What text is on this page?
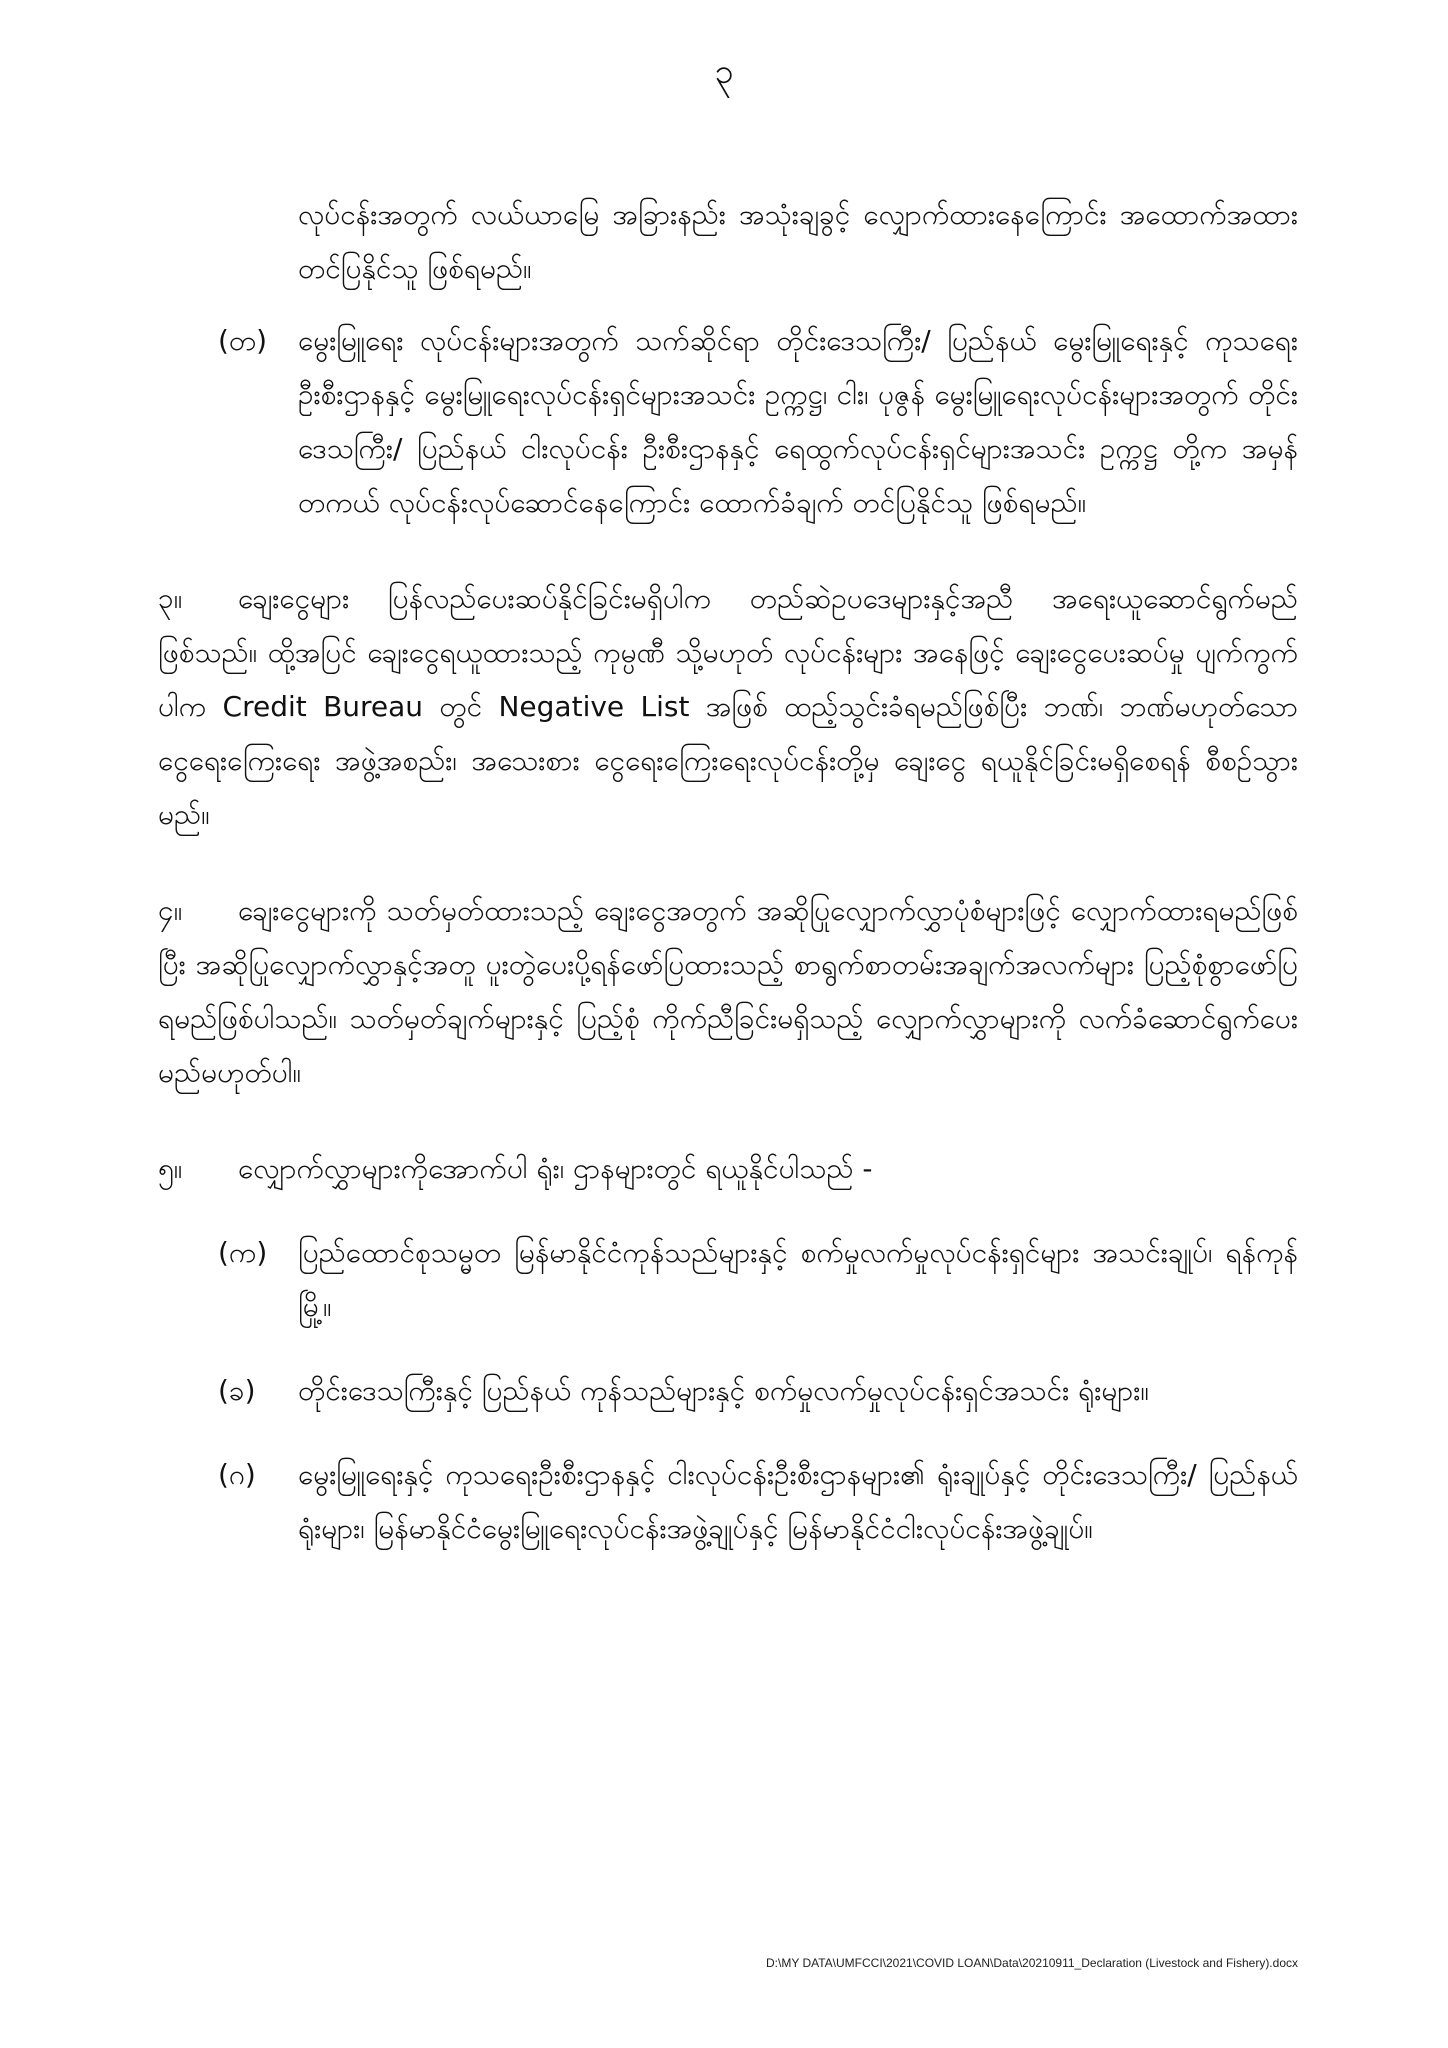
၃

လုပ်ငန်းအတွက် လယ်ယာမြေ အခြားနည်း အသုံးချခွင့် လျှောက်ထားနေကြောင်း အထောက်အထား တင်ပြနိုင်သူ ဖြစ်ရမည်။

(တ)	မွေးမြူရေး လုပ်ငန်းများအတွက် သက်ဆိုင်ရာ တိုင်းဒေသကြီး/ ပြည်နယ် မွေးမြူရေးနှင့် ကုသရေးဦးစီးဌာနနှင့် မွေးမြူရေးလုပ်ငန်းရှင်များအသင်း ဥက္ကဋ္ဌ၊ ငါး၊ ပုဇွန် မွေးမြူရေးလုပ်ငန်းများအတွက် တိုင်းဒေသကြီး/ ပြည်နယ် ငါးလုပ်ငန်း ဦးစီးဌာနနှင့် ရေထွက်လုပ်ငန်းရှင်များအသင်း ဥက္ကဋ္ဌ တို့က အမှန်တကယ် လုပ်ငန်းလုပ်ဆောင်နေကြောင်း ထောက်ခံချက် တင်ပြနိုင်သူ ဖြစ်ရမည်။

၃။ ချေးငွေများ ပြန်လည်ပေးဆပ်နိုင်ခြင်းမရှိပါက တည်ဆဲဥပဒေများနှင့်အညီ အရေးယူဆောင်ရွက်မည်ဖြစ်သည်။ ထို့အပြင် ချေးငွေရယူထားသည့် ကုမ္ပဏီ သို့မဟုတ် လုပ်ငန်းများ အနေဖြင့် ချေးငွေပေးဆပ်မှု ပျက်ကွက်ပါက Credit Bureau တွင် Negative List အဖြစ် ထည့်သွင်းခံရမည်ဖြစ်ပြီး ဘဏ်၊ ဘဏ်မဟုတ်သော ငွေရေးကြေးရေး အဖွဲ့အစည်း၊ အသေးစား ငွေရေးကြေးရေးလုပ်ငန်းတို့မှ ချေးငွေ ရယူနိုင်ခြင်းမရှိစေရန် စီစဉ်သွားမည်။

၄။ ချေးငွေများကို သတ်မှတ်ထားသည့် ချေးငွေအတွက် အဆိုပြုလျှောက်လွှာပုံစံများဖြင့် လျှောက်ထားရမည်ဖြစ်ပြီး အဆိုပြုလျှောက်လွှာနှင့်အတူ ပူးတွဲပေးပို့ရန်ဖော်ပြထားသည့် စာရွက်စာတမ်းအချက်အလက်များ ပြည့်စုံစွာဖော်ပြရမည်ဖြစ်ပါသည်။ သတ်မှတ်ချက်များနှင့် ပြည့်စုံ ကိုက်ညီခြင်းမရှိသည့် လျှောက်လွှာများကို လက်ခံဆောင်ရွက်ပေးမည်မဟုတ်ပါ။

၅။ လျှောက်လွှာများကိုအောက်ပါ ရုံး၊ ဌာနများတွင် ရယူနိုင်ပါသည် -

(က)	ပြည်ထောင်စုသမ္မတ မြန်မာနိုင်ငံကုန်သည်များနှင့် စက်မှုလက်မှုလုပ်ငန်းရှင်များ အသင်းချုပ်၊ ရန်ကုန်မြို့။
(ခ)	တိုင်းဒေသကြီးနှင့် ပြည်နယ် ကုန်သည်များနှင့် စက်မှုလက်မှုလုပ်ငန်းရှင်အသင်း ရုံးများ။
(ဂ)	မွေးမြူရေးနှင့် ကုသရေးဦးစီးဌာနနှင့် ငါးလုပ်ငန်းဦးစီးဌာနများ၏ ရုံးချုပ်နှင့် တိုင်းဒေသကြီး/ ပြည်နယ်ရုံးများ၊ မြန်မာနိုင်ငံမွေးမြူရေးလုပ်ငန်းအဖွဲ့ချုပ်နှင့် မြန်မာနိုင်ငံငါးလုပ်ငန်းအဖွဲ့ချုပ်။
D:\MY DATA\UMFCCI\2021\COVID LOAN\Data\20210911_Declaration (Livestock and Fishery).docx
